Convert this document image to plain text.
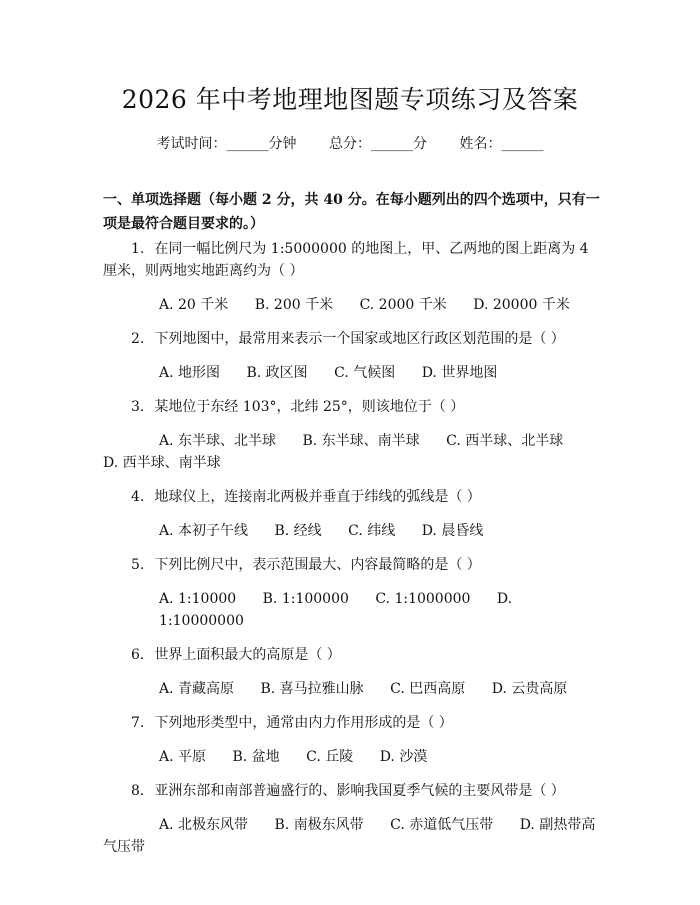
2026 年中考地理地图题专项练习及答案
考试时间：______分钟 总分：______分 姓名：______
一、单项选择题（每小题 2 分，共 40 分。在每小题列出的四个选项中，只有一项是最符合题目要求的。）

1. 在同一幅比例尺为 1:5000000 的地图上，甲、乙两地的图上距离为 4 厘米，则两地实地距离约为（ ）

A. 20 千米 B. 200 千米 C. 2000 千米 D. 20000 千米

2. 下列地图中，最常用来表示一个国家或地区行政区划范围的是（ ）

A. 地形图 B. 政区图 C. 气候图 D. 世界地图

3. 某地位于东经 103°，北纬 25°，则该地位于（ ）

A. 东半球、北半球 B. 东半球、南半球 C. 西半球、北半球 D. 西半球、南半球

4. 地球仪上，连接南北两极并垂直于纬线的弧线是（ ）

A. 本初子午线 B. 经线 C. 纬线 D. 晨昏线

5. 下列比例尺中，表示范围最大、内容最简略的是（ ）

A. 1:10000 B. 1:100000 C. 1:1000000 D. 1:10000000

6. 世界上面积最大的高原是（ ）

A. 青藏高原 B. 喜马拉雅山脉 C. 巴西高原 D. 云贵高原

7. 下列地形类型中，通常由内力作用形成的是（ ）

A. 平原 B. 盆地 C. 丘陵 D. 沙漠

8. 亚洲东部和南部普遍盛行的、影响我国夏季气候的主要风带是（ ）

A. 北极东风带 B. 南极东风带 C. 赤道低气压带 D. 副热带高气压带
